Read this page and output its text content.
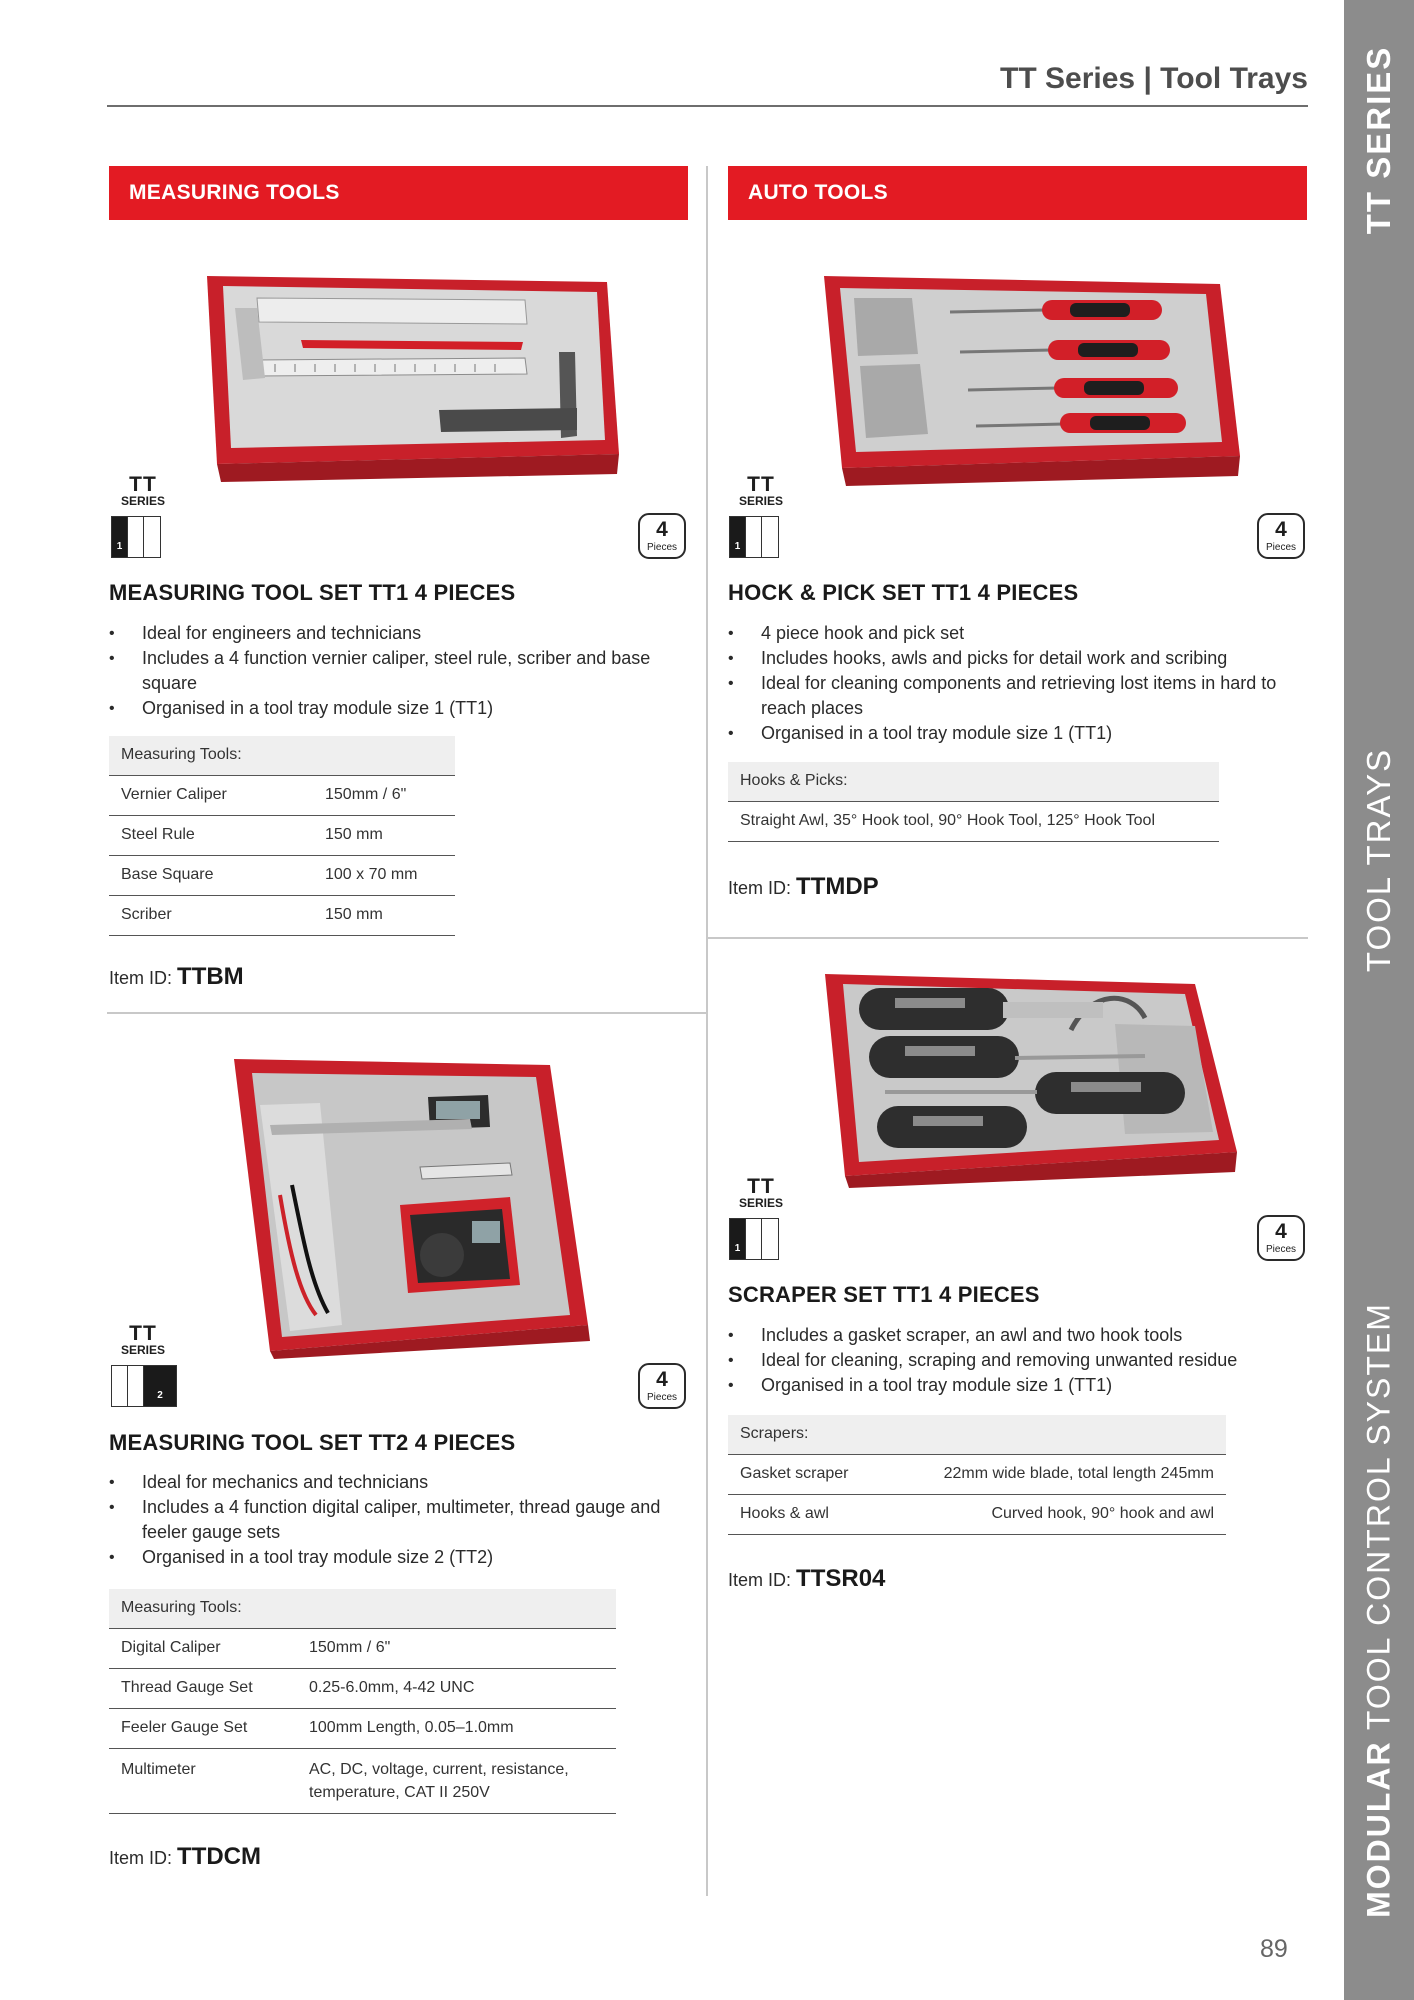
TT Series | Tool Trays TT SERIES
TOOL TRAYS
MODULAR TOOL CONTROL SYSTEM
MEASURING TOOLS	AUTO TOOLS
TT
SERIES
1
4
Pieces
MEASURING TOOL SET TT1 4 PIECES
• Ideal for engineers and technicians
• Includes a 4 function vernier caliper, steel rule, scriber and base square
• Organised in a tool tray module size 1 (TT1)
Measuring Tools:	
Vernier Caliper	150mm / 6"
Steel Rule	150 mm
Base Square	100 x 70 mm
Scriber	150 mm
Item ID: TTBM
TT
SERIES
2
4
Pieces
MEASURING TOOL SET TT2 4 PIECES
• Ideal for mechanics and technicians
• Includes a 4 function digital caliper, multimeter, thread gauge and feeler gauge sets
• Organised in a tool tray module size 2 (TT2)
Measuring Tools:	
Digital Caliper	150mm / 6"
Thread Gauge Set	0.25-6.0mm, 4-42 UNC
Feeler Gauge Set	100mm Length, 0.05–1.0mm
Multimeter	AC, DC, voltage, current, resistance, temperature, CAT II 250V
Item ID: TTDCM
TT
SERIES
1
4
Pieces
HOCK & PICK SET TT1 4 PIECES
• 4 piece hook and pick set
• Includes hooks, awls and picks for detail work and scribing
• Ideal for cleaning components and retrieving lost items in hard to reach places
• Organised in a tool tray module size 1 (TT1)
Hooks & Picks:
Straight Awl, 35° Hook tool, 90° Hook Tool, 125° Hook Tool
Item ID: TTMDP
TT
SERIES
1
4
Pieces
SCRAPER SET TT1 4 PIECES
• Includes a gasket scraper, an awl and two hook tools
• Ideal for cleaning, scraping and removing unwanted residue
• Organised in a tool tray module size 1 (TT1)
Scrapers:	
Gasket scraper	22mm wide blade, total length 245mm
Hooks & awl	Curved hook, 90° hook and awl
Item ID: TTSR04
89
